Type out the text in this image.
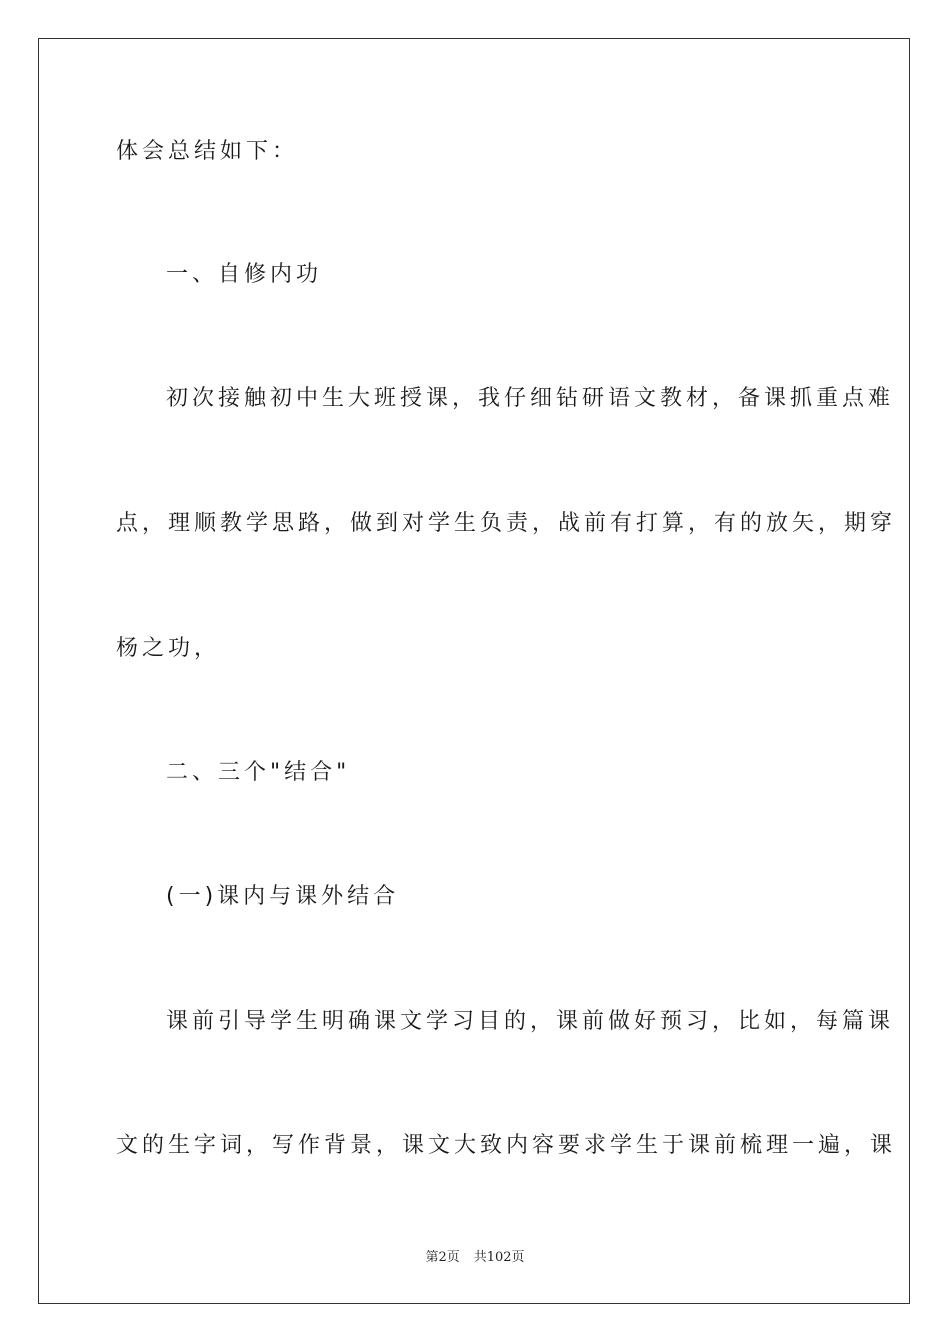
体会总结如下：
一、自修内功
初次接触初中生大班授课，我仔细钻研语文教材，备课抓重点难
点，理顺教学思路，做到对学生负责，战前有打算，有的放矢，期穿
杨之功，
二、三个"结合"
(一)课内与课外结合
课前引导学生明确课文学习目的，课前做好预习，比如，每篇课
文的生字词，写作背景，课文大致内容要求学生于课前梳理一遍，课
第2页 共102页
